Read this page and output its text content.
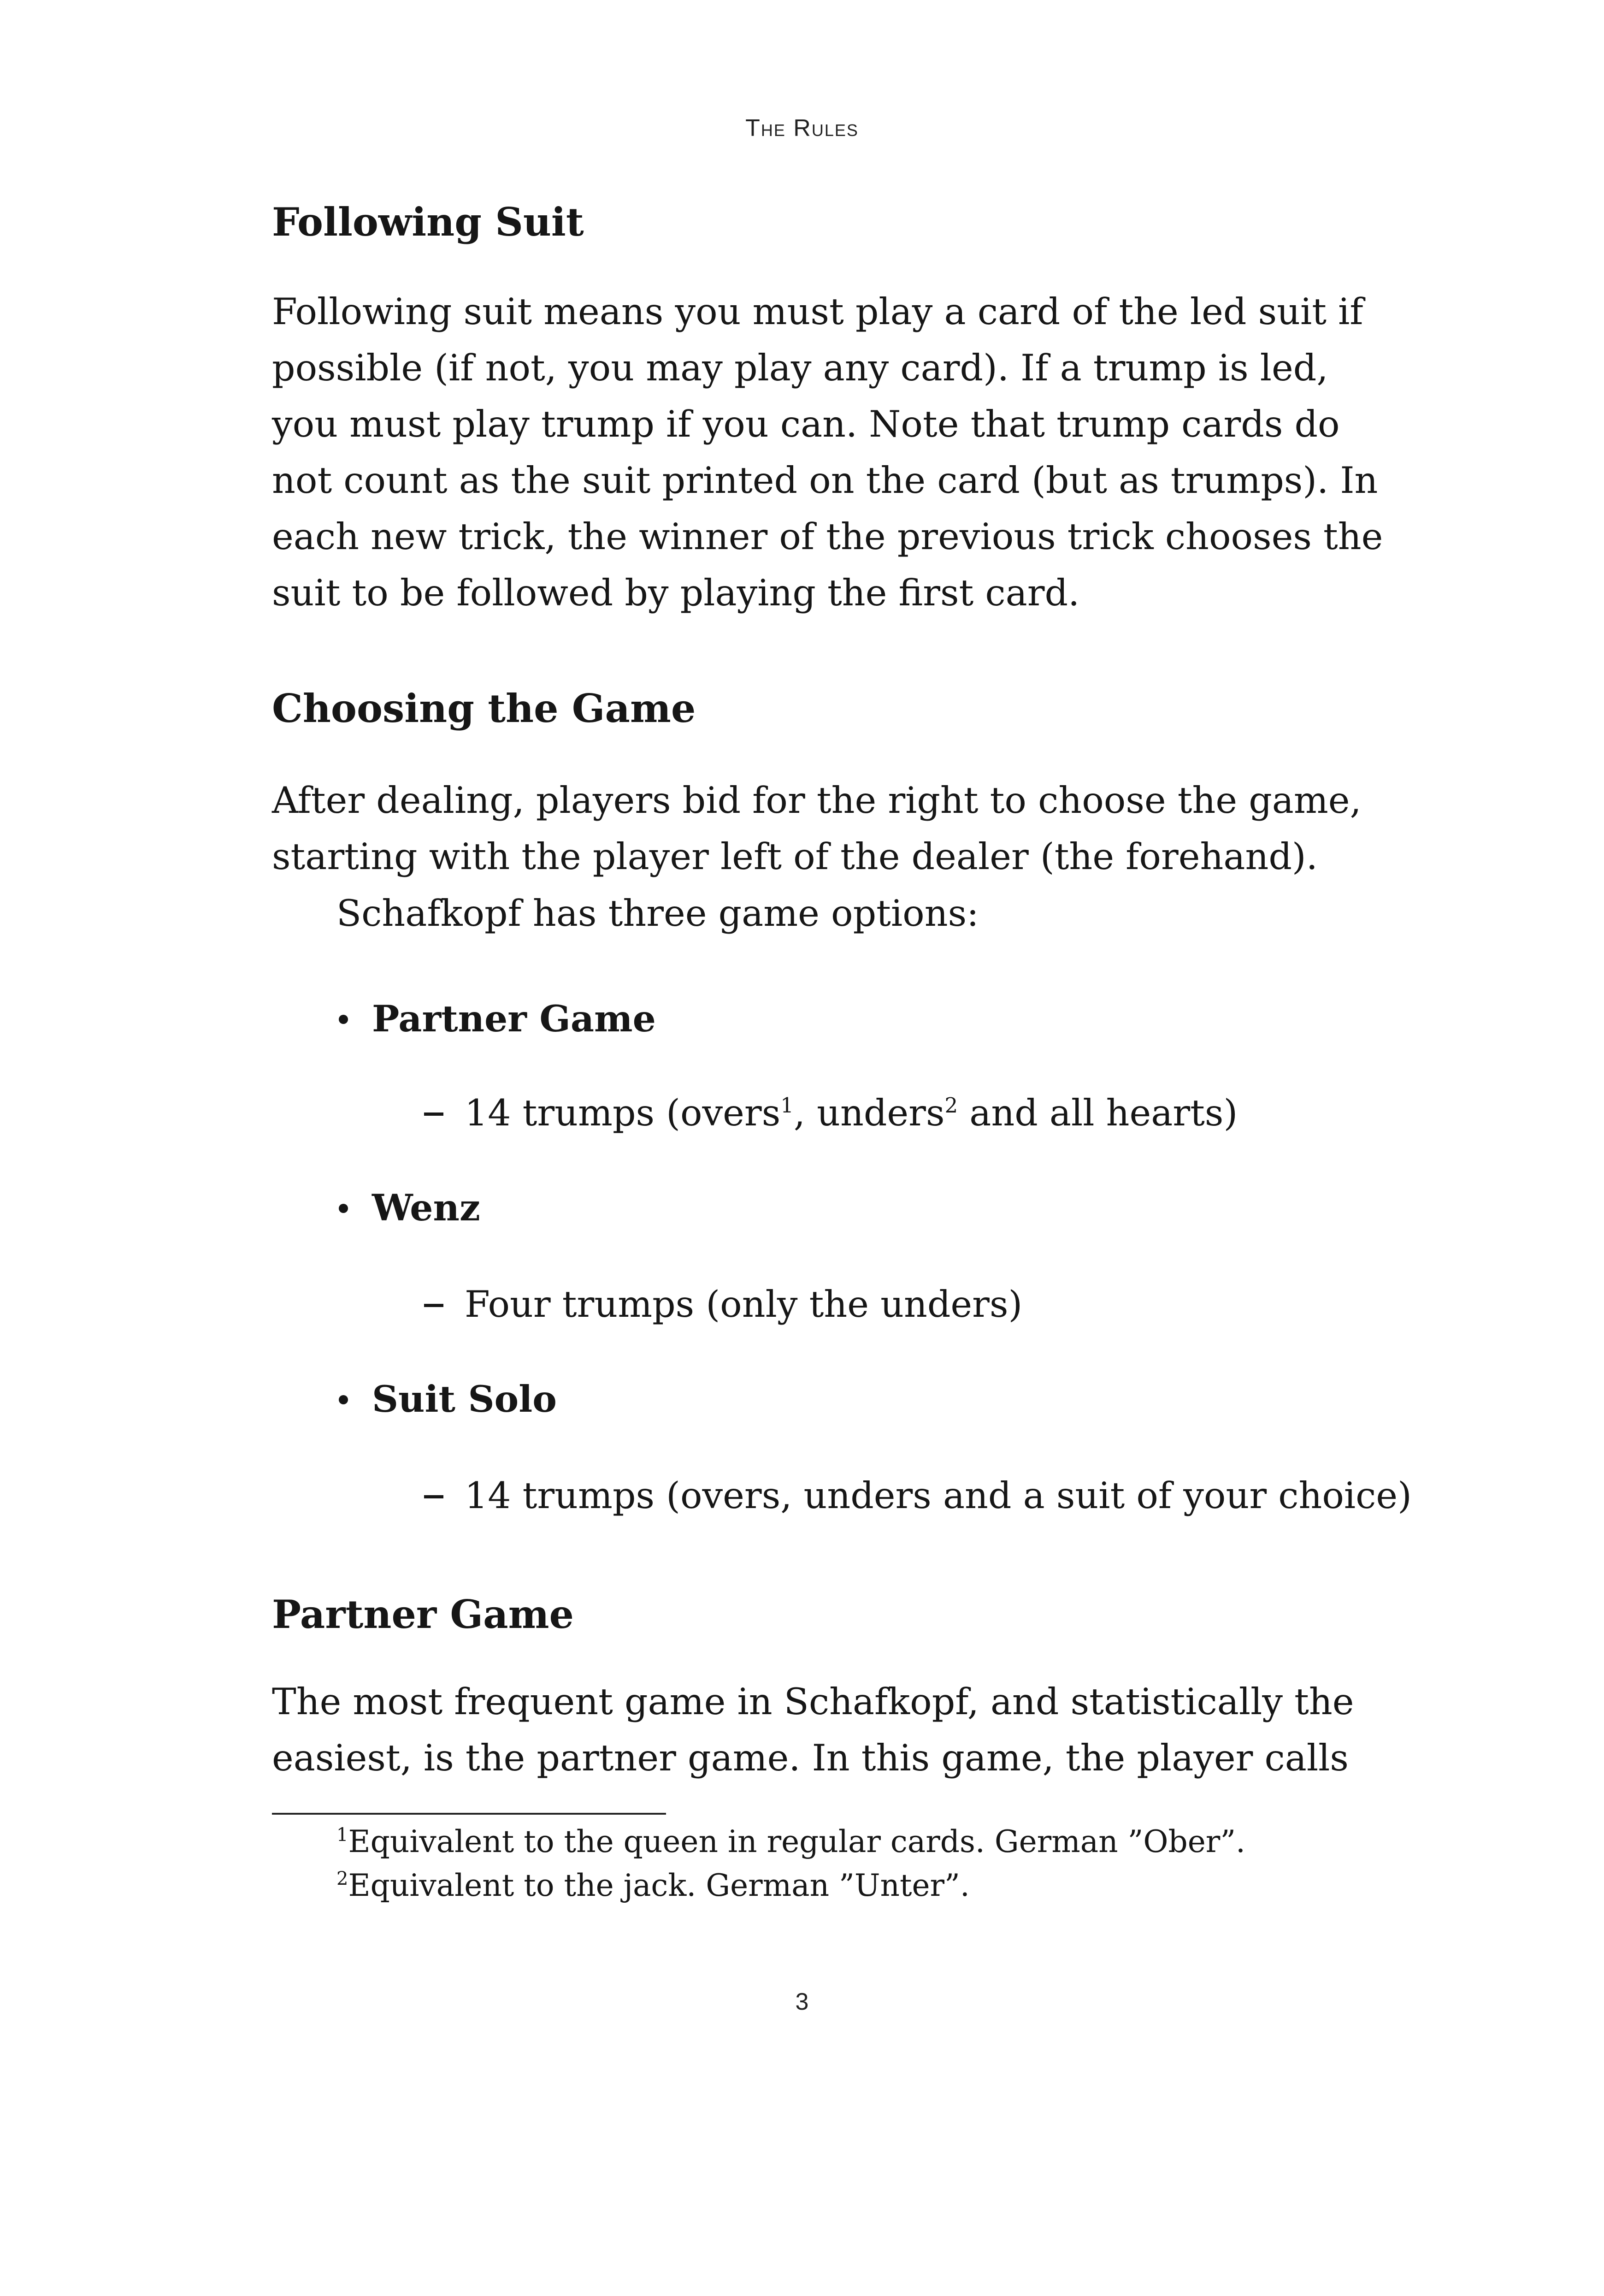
The Rules
Following Suit

Following suit means you must play a card of the led suit if
possible (if not, you may play any card). If a trump is led,
you must play trump if you can. Note that trump cards do
not count as the suit printed on the card (but as trumps). In
each new trick, the winner of the previous trick chooses the
suit to be followed by playing the first card.

Choosing the Game

After dealing, players bid for the right to choose the game,
starting with the player left of the dealer (the forehand).

Schafkopf has three game options:

Partner Game
14 trumps (overs$^1$, unders$^2$ and all hearts)
Wenz
Four trumps (only the unders)
Suit Solo
14 trumps (overs, unders and a suit of your choice)
Partner Game

The most frequent game in Schafkopf, and statistically the
easiest, is the partner game. In this game, the player calls

$^1$Equivalent to the queen in regular cards. German ”Ober”.
$^2$Equivalent to the jack. German ”Unter”.
3
